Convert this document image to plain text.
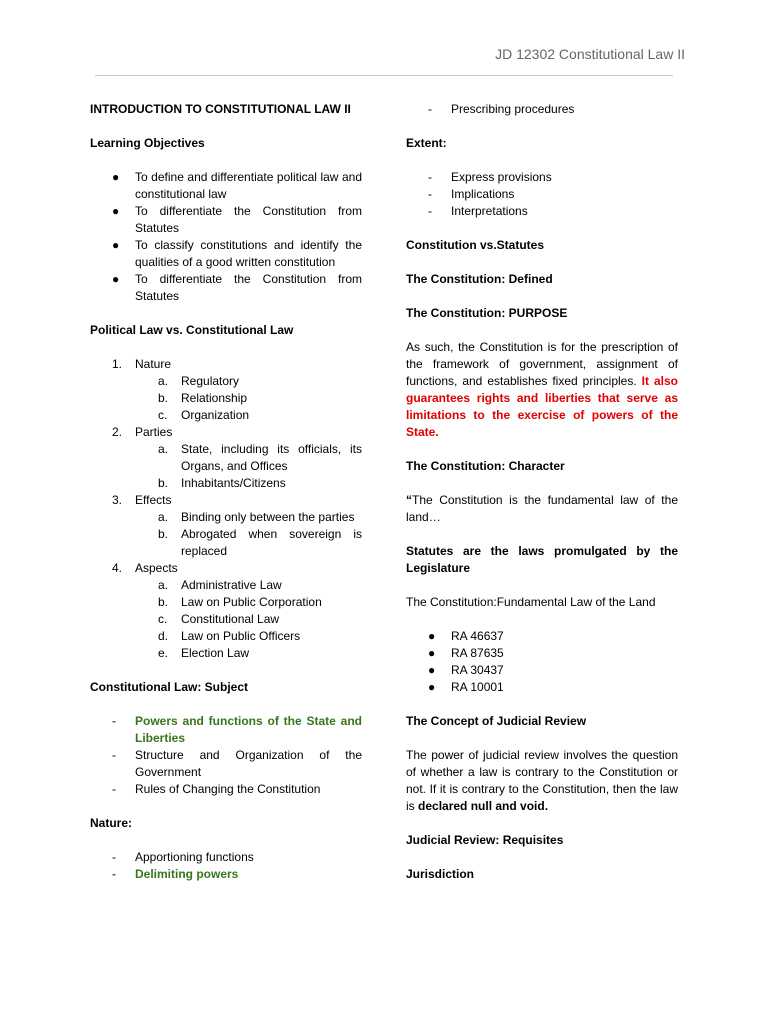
JD 12302 Constitutional Law II
INTRODUCTION TO CONSTITUTIONAL LAW II
Learning Objectives
● To define and differentiate political law and constitutional law
● To differentiate the Constitution from Statutes
● To classify constitutions and identify the qualities of a good written constitution
● To differentiate the Constitution from Statutes
Political Law vs. Constitutional Law
1. Nature
a. Regulatory
b. Relationship
c. Organization
2. Parties
a. State, including its officials, its Organs, and Offices
b. Inhabitants/Citizens
3. Effects
a. Binding only between the parties
b. Abrogated when sovereign is replaced
4. Aspects
a. Administrative Law
b. Law on Public Corporation
c. Constitutional Law
d. Law on Public Officers
e. Election Law
Constitutional Law: Subject
- Powers and functions of the State and Liberties
- Structure and Organization of the Government
- Rules of Changing the Constitution
Nature:
- Apportioning functions
- Delimiting powers
- Prescribing procedures
Extent:
- Express provisions
- Implications
- Interpretations
Constitution vs.Statutes
The Constitution: Defined
The Constitution: PURPOSE
As such, the Constitution is for the prescription of the framework of government, assignment of functions, and establishes fixed principles. It also guarantees rights and liberties that serve as limitations to the exercise of powers of the State.
The Constitution: Character
“The Constitution is the fundamental law of the land…
Statutes are the laws promulgated by the Legislature
The Constitution:Fundamental Law of the Land
● RA 46637
● RA 87635
● RA 30437
● RA 10001
The Concept of Judicial Review
The power of judicial review involves the question of whether a law is contrary to the Constitution or not. If it is contrary to the Constitution, then the law is declared null and void.
Judicial Review: Requisites
Jurisdiction
